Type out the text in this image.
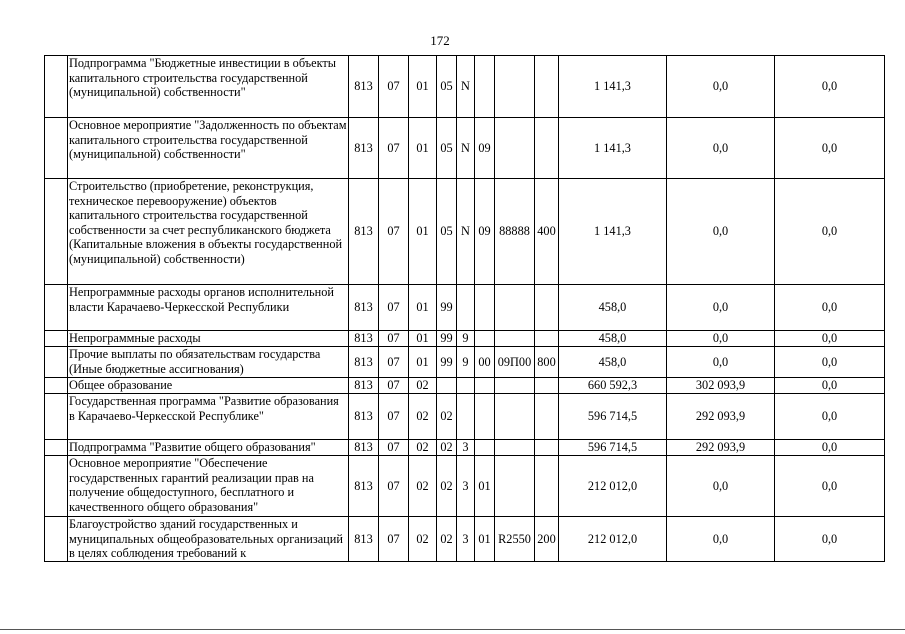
172
	Подпрограмма "Бюджетные инвестиции в объекты капитального строительства государственной (муниципальной) собственности"	813	07	01	05	N				1 141,3	0,0	0,0
	Основное мероприятие "Задолженность по объектам капитального строительства государственной (муниципальной) собственности"	813	07	01	05	N	09			1 141,3	0,0	0,0
	Строительство (приобретение, реконструкция, техническое перевооружение) объектов капитального строительства государственной собственности за счет республиканского бюджета (Капитальные вложения в объекты государственной (муниципальной) собственности)	813	07	01	05	N	09	88888	400	1 141,3	0,0	0,0
	Непрограммные расходы органов исполнительной власти Карачаево-Черкесской Республики	813	07	01	99					458,0	0,0	0,0
	Непрограммные расходы	813	07	01	99	9				458,0	0,0	0,0
	Прочие выплаты по обязательствам государства (Иные бюджетные ассигнования)	813	07	01	99	9	00	09П00	800	458,0	0,0	0,0
	Общее образование	813	07	02						660 592,3	302 093,9	0,0
	Государственная программа "Развитие образования в Карачаево-Черкесской Республике"	813	07	02	02					596 714,5	292 093,9	0,0
	Подпрограмма "Развитие общего образования"	813	07	02	02	3				596 714,5	292 093,9	0,0
	Основное мероприятие "Обеспечение государственных гарантий реализации прав на получение общедоступного, бесплатного и качественного общего образования"	813	07	02	02	3	01			212 012,0	0,0	0,0
	Благоустройство зданий государственных и муниципальных общеобразовательных организаций в целях соблюдения требований к	813	07	02	02	3	01	R2550	200	212 012,0	0,0	0,0
